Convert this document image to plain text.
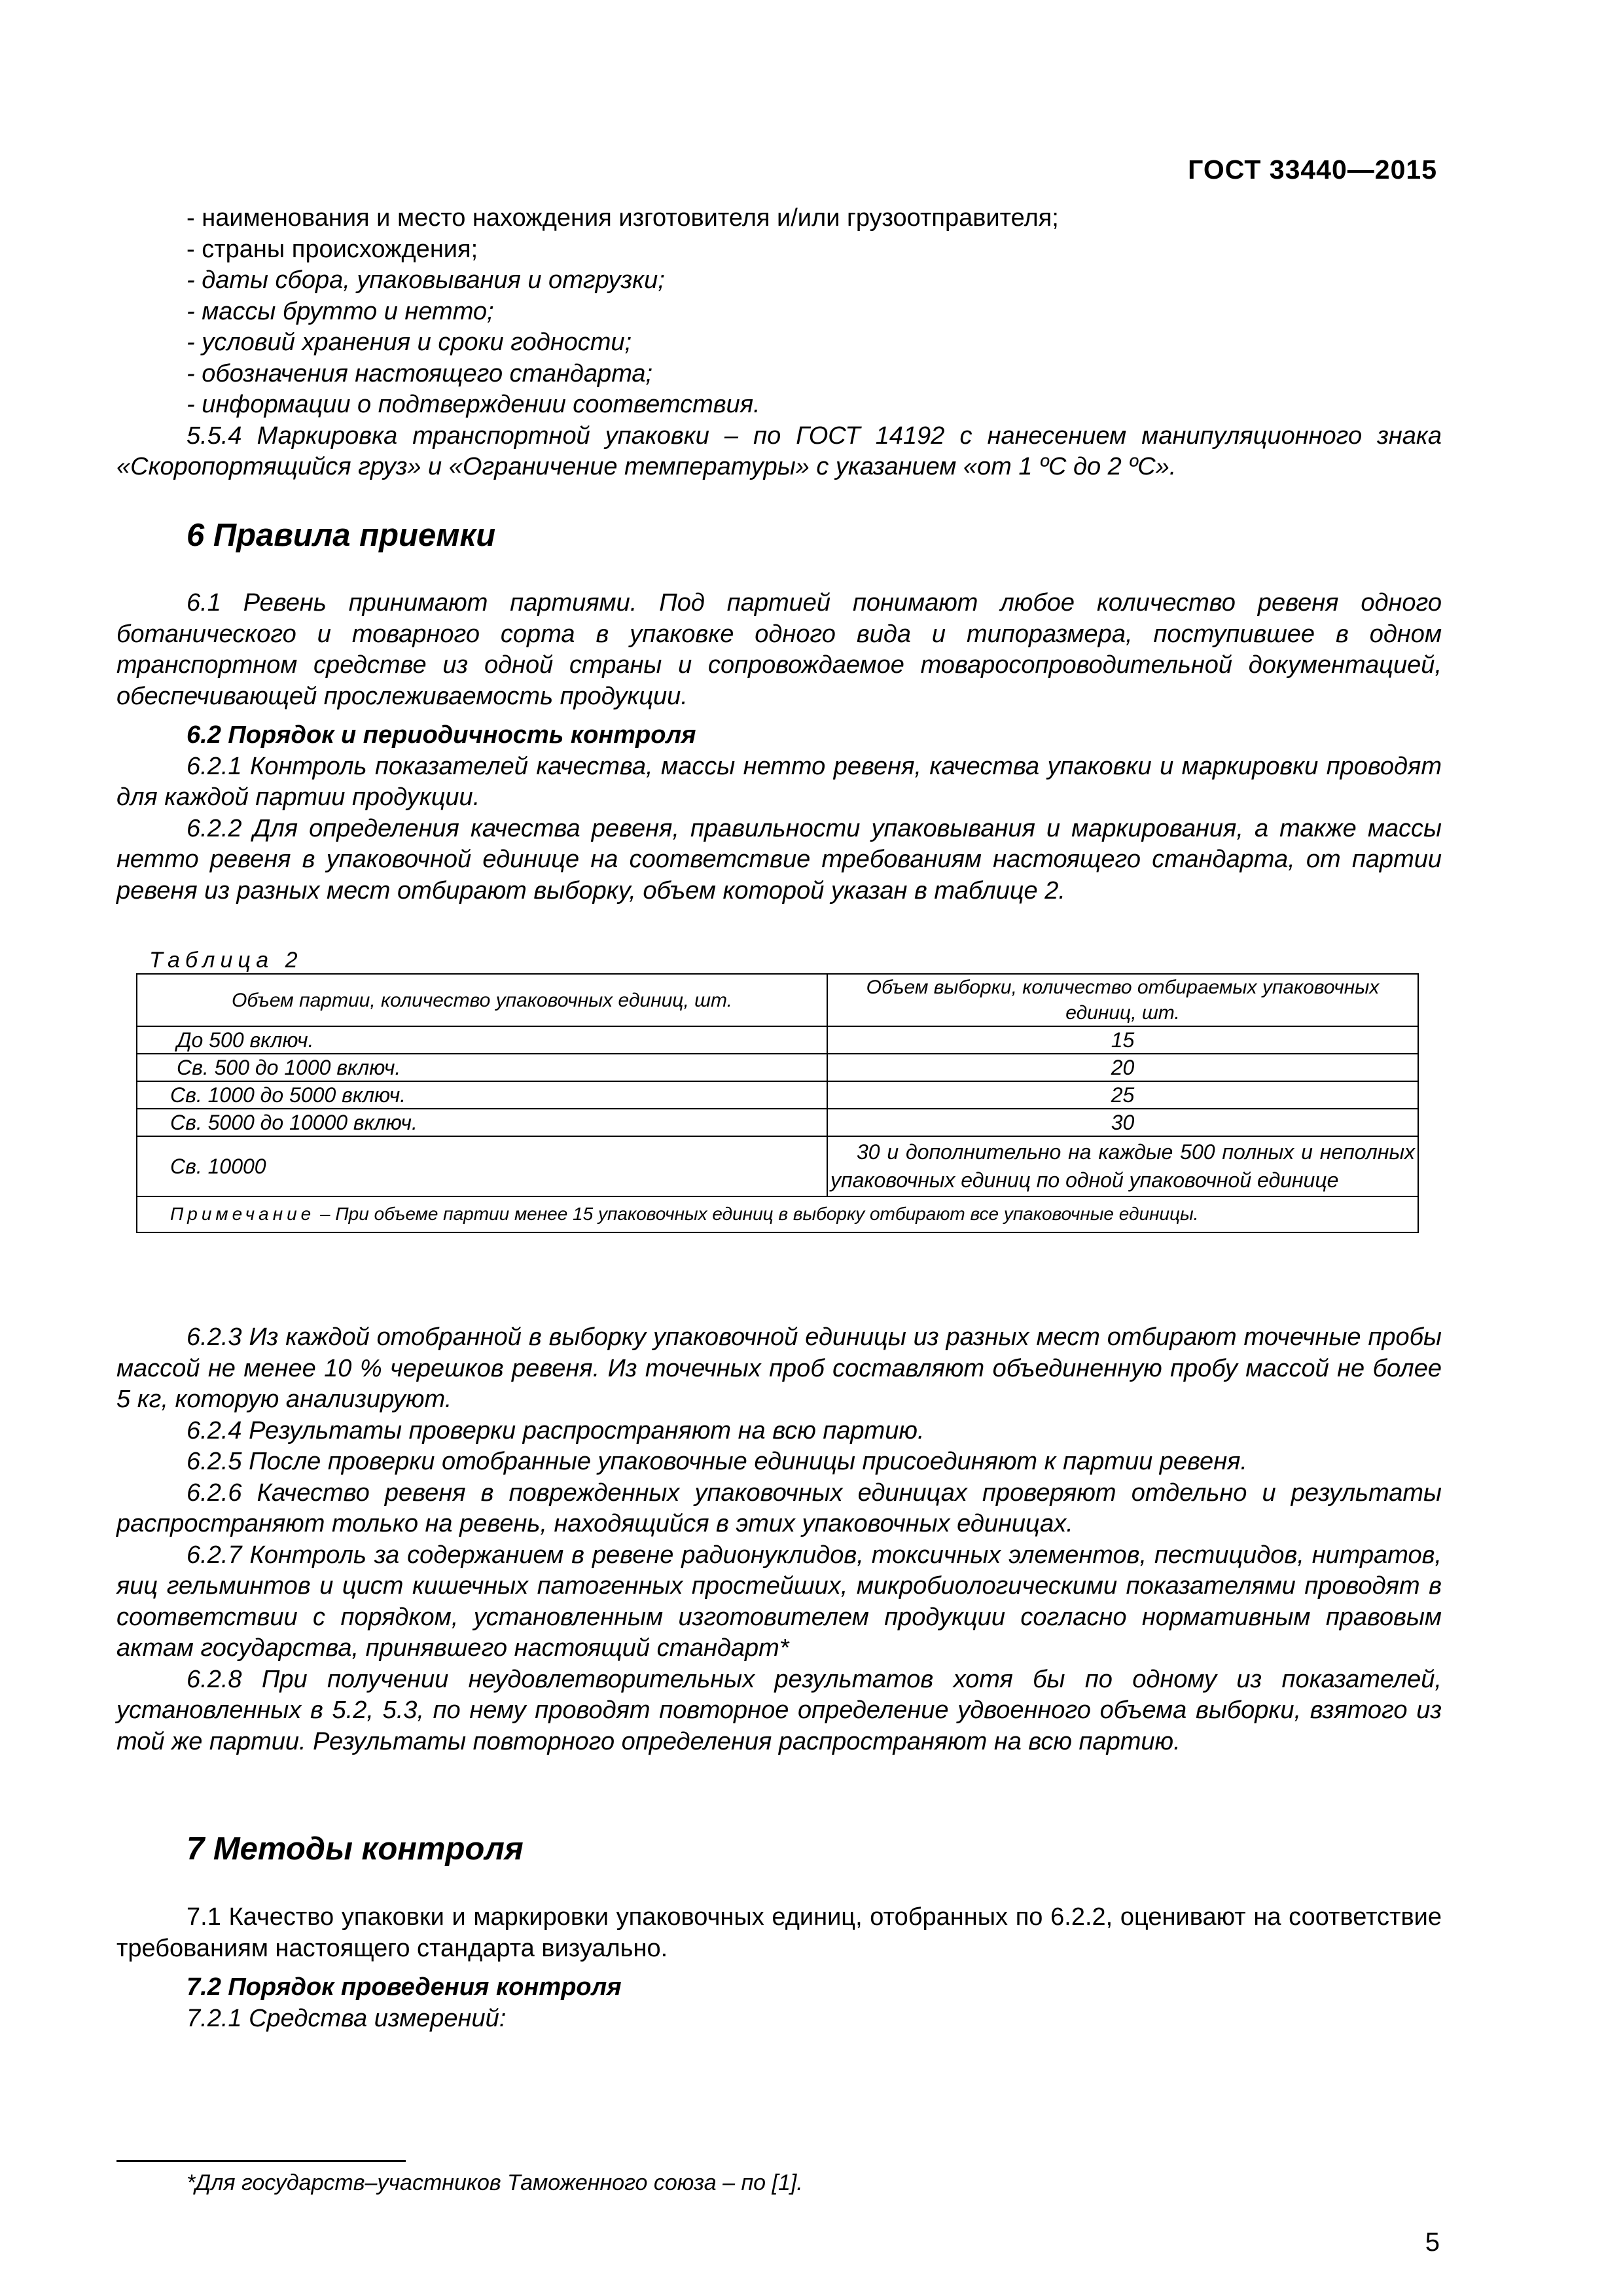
ГОСТ 33440—2015

- наименования и место нахождения изготовителя и/или грузоотправителя;

- страны происхождения;

- даты сбора, упаковывания и отгрузки;

- массы брутто и нетто;

- условий хранения и сроки годности;

- обозначения настоящего стандарта;

- информации о подтверждении соответствия.

5.5.4 Маркировка транспортной упаковки – по ГОСТ 14192 с нанесением манипуляционного знака «Скоропортящийся груз» и «Ограничение температуры» с указанием «от 1 ºС до 2 ºС».

6 Правила приемки

6.1 Ревень принимают партиями. Под партией понимают любое количество ревеня одного ботанического и товарного сорта в упаковке одного вида и типоразмера, поступившее в одном транспортном средстве из одной страны и сопровождаемое товаросопроводительной документацией, обеспечивающей прослеживаемость продукции.

6.2 Порядок и периодичность контроля

6.2.1 Контроль показателей качества, массы нетто ревеня, качества упаковки и маркировки проводят для каждой партии продукции.

6.2.2 Для определения качества ревеня, правильности упаковывания и маркирования, а также массы нетто ревеня в упаковочной единице на соответствие требованиям настоящего стандарта, от партии ревеня из разных мест отбирают выборку, объем которой указан в таблице 2.

Таблица 2
Объем партии, количество упаковочных единиц, шт.	Объем выборки, количество отбираемых упаковочных единиц, шт.
До 500 включ.	15
Св. 500 до 1000 включ.	20
Св. 1000 до 5000 включ.	25
Св. 5000 до 10000 включ.	30
Св. 10000	30 и дополнительно на каждые 500 полных и неполных упаковочных единиц по одной упаковочной единице
Примечание – При объеме партии менее 15 упаковочных единиц в выборку отбирают все упаковочные единицы.	

6.2.3 Из каждой отобранной в выборку упаковочной единицы из разных мест отбирают точечные пробы массой не менее 10 % черешков ревеня. Из точечных проб составляют объединенную пробу массой не более 5 кг, которую анализируют.

6.2.4 Результаты проверки распространяют на всю партию.

6.2.5 После проверки отобранные упаковочные единицы присоединяют к партии ревеня.

6.2.6 Качество ревеня в поврежденных упаковочных единицах проверяют отдельно и результаты распространяют только на ревень, находящийся в этих упаковочных единицах.

6.2.7 Контроль за содержанием в ревене радионуклидов, токсичных элементов, пестицидов, нитратов, яиц гельминтов и цист кишечных патогенных простейших, микробиологическими показателями проводят в соответствии с порядком, установленным изготовителем продукции согласно нормативным правовым актам государства, принявшего настоящий стандарт*

6.2.8 При получении неудовлетворительных результатов хотя бы по одному из показателей, установленных в 5.2, 5.3, по нему проводят повторное определение удвоенного объема выборки, взятого из той же партии. Результаты повторного определения распространяют на всю партию.

7 Методы контроля

7.1 Качество упаковки и маркировки упаковочных единиц, отобранных по 6.2.2, оценивают на соответствие требованиям настоящего стандарта визуально.

7.2 Порядок проведения контроля

7.2.1 Средства измерений:

*Для государств–участников Таможенного союза – по [1].
5
